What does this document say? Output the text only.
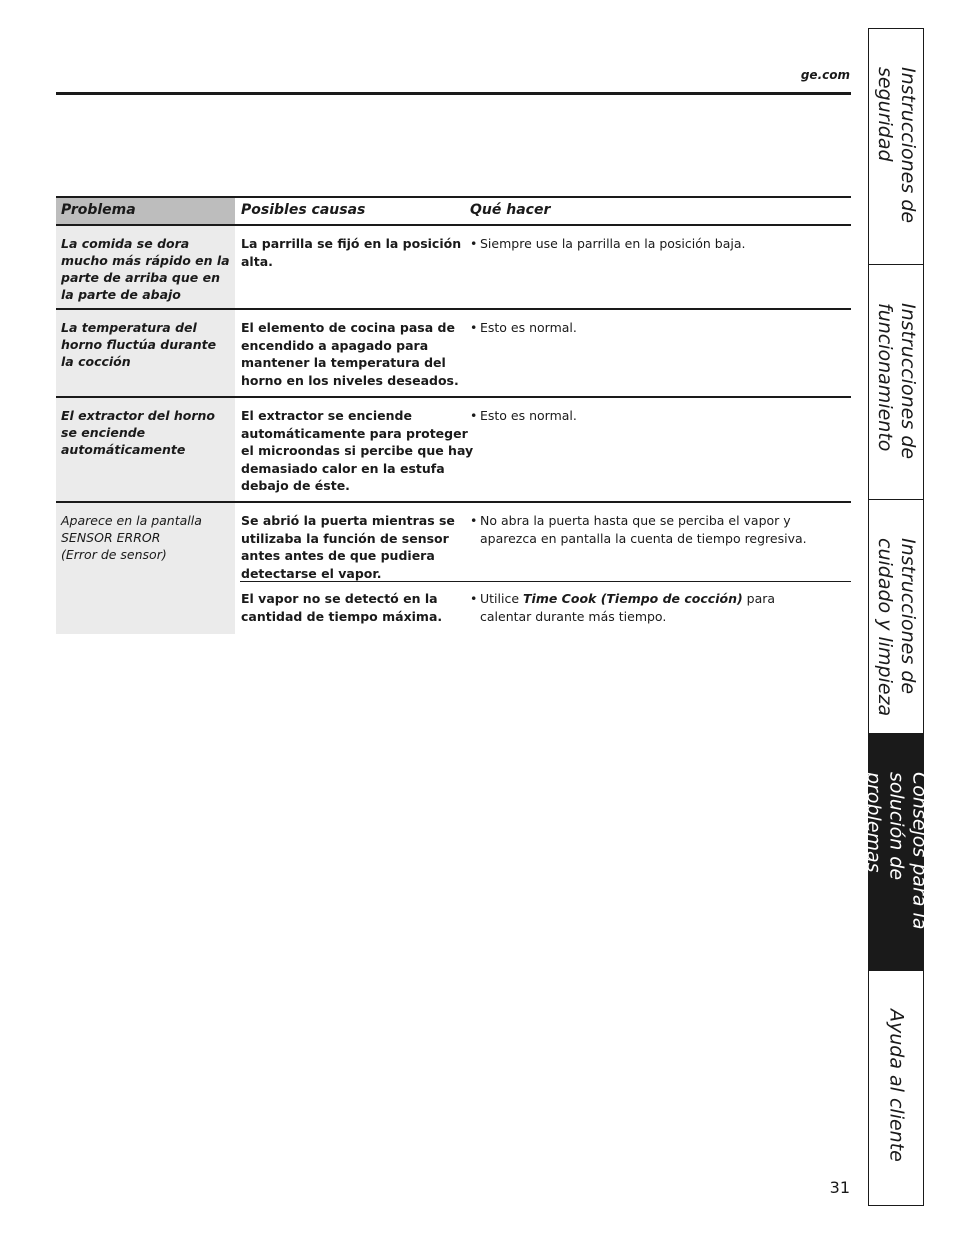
ge.com
Problema	Posibles causas	Qué hacer
La comida se dora mucho más rápido en la parte de arriba que en la parte de abajo
La parrilla se fijó en la posición alta.
• Siempre use la parrilla en la posición baja.
La temperatura del horno fluctúa durante la cocción
El elemento de cocina pasa de encendido a apagado para mantener la temperatura del horno en los niveles deseados.
• Esto es normal.
El extractor del horno se enciende automáticamente
El extractor se enciende automáticamente para proteger el microondas si percibe que hay demasiado calor en la estufa debajo de éste.
• Esto es normal.
Aparece en la pantalla
SENSOR ERROR
(Error de sensor)
Se abrió la puerta mientras se utilizaba la función de sensor antes antes de que pudiera detectarse el vapor.
• No abra la puerta hasta que se perciba el vapor y aparezca en pantalla la cuenta de tiempo regresiva.
El vapor no se detectó en la cantidad de tiempo máxima.
• Utilice Time Cook (Tiempo de cocción) para calentar durante más tiempo.
Instrucciones de seguridad
Instrucciones de funcionamiento
Instrucciones de cuidado y limpieza
Consejos para la solución de problemas
Ayuda al cliente
31
